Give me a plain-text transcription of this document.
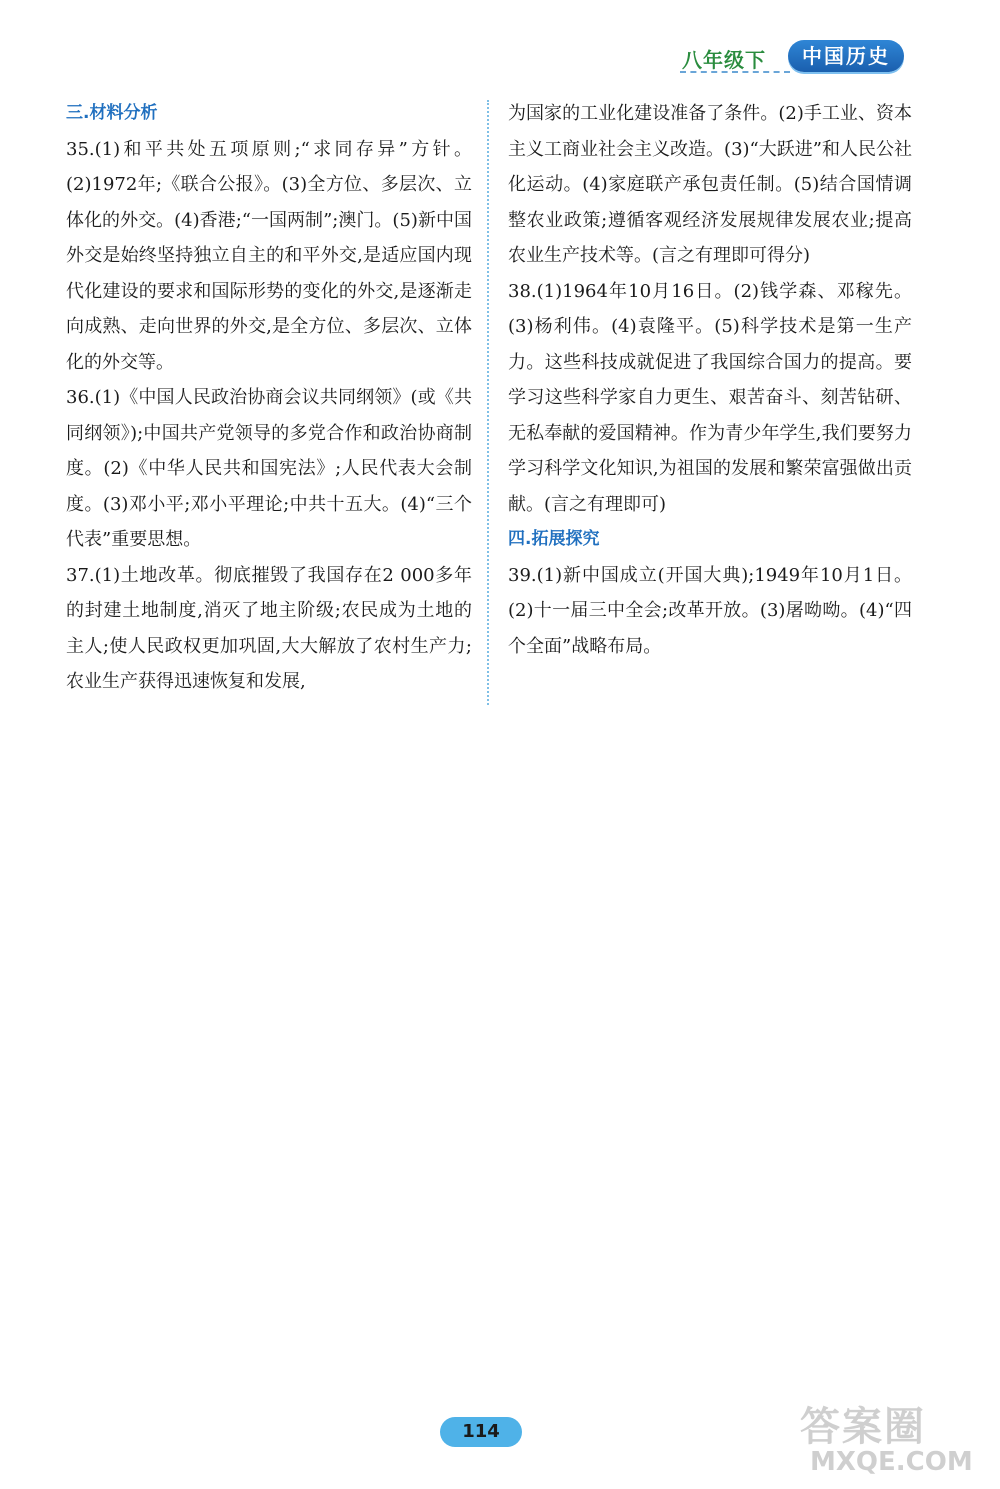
八年级下	中国历史
三.材料分析

35.(1)和平共处五项原则;“求同存异”方针。(2)1972年;《联合公报》。(3)全方位、多层次、立体化的外交。(4)香港;“一国两制”;澳门。(5)新中国外交是始终坚持独立自主的和平外交,是适应国内现代化建设的要求和国际形势的变化的外交,是逐渐走向成熟、走向世界的外交,是全方位、多层次、立体化的外交等。

36.(1)《中国人民政治协商会议共同纲领》(或《共同纲领》);中国共产党领导的多党合作和政治协商制度。(2)《中华人民共和国宪法》;人民代表大会制度。(3)邓小平;邓小平理论;中共十五大。(4)“三个代表”重要思想。

37.(1)土地改革。彻底摧毁了我国存在2 000多年的封建土地制度,消灭了地主阶级;农民成为土地的主人;使人民政权更加巩固,大大解放了农村生产力;农业生产获得迅速恢复和发展,

为国家的工业化建设准备了条件。(2)手工业、资本主义工商业社会主义改造。(3)“大跃进”和人民公社化运动。(4)家庭联产承包责任制。(5)结合国情调整农业政策;遵循客观经济发展规律发展农业;提高农业生产技术等。(言之有理即可得分)

38.(1)1964年10月16日。(2)钱学森、邓稼先。(3)杨利伟。(4)袁隆平。(5)科学技术是第一生产力。这些科技成就促进了我国综合国力的提高。要学习这些科学家自力更生、艰苦奋斗、刻苦钻研、无私奉献的爱国精神。作为青少年学生,我们要努力学习科学文化知识,为祖国的发展和繁荣富强做出贡献。(言之有理即可)

四.拓展探究

39.(1)新中国成立(开国大典);1949年10月1日。(2)十一届三中全会;改革开放。(3)屠呦呦。(4)“四个全面”战略布局。

114	答案圈
MXQE.COM
